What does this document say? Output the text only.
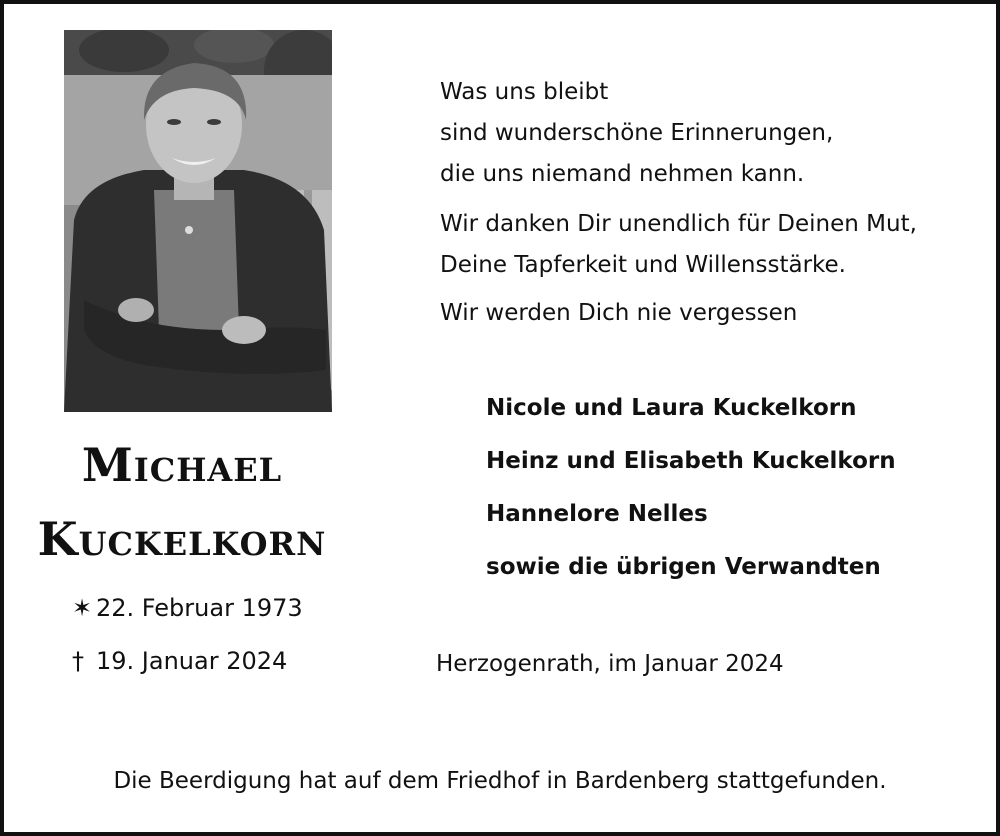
Michael
Kuckelkorn
✶ 22. Februar 1973
† 19. Januar 2024
Was uns bleibt
sind wunderschöne Erinnerungen,
die uns niemand nehmen kann.
Wir danken Dir unendlich für Deinen Mut,
Deine Tapferkeit und Willensstärke.
Wir werden Dich nie vergessen
Nicole und Laura Kuckelkorn
Heinz und Elisabeth Kuckelkorn
Hannelore Nelles
sowie die übrigen Verwandten
Herzogenrath, im Januar 2024
Die Beerdigung hat auf dem Friedhof in Bardenberg stattgefunden.
